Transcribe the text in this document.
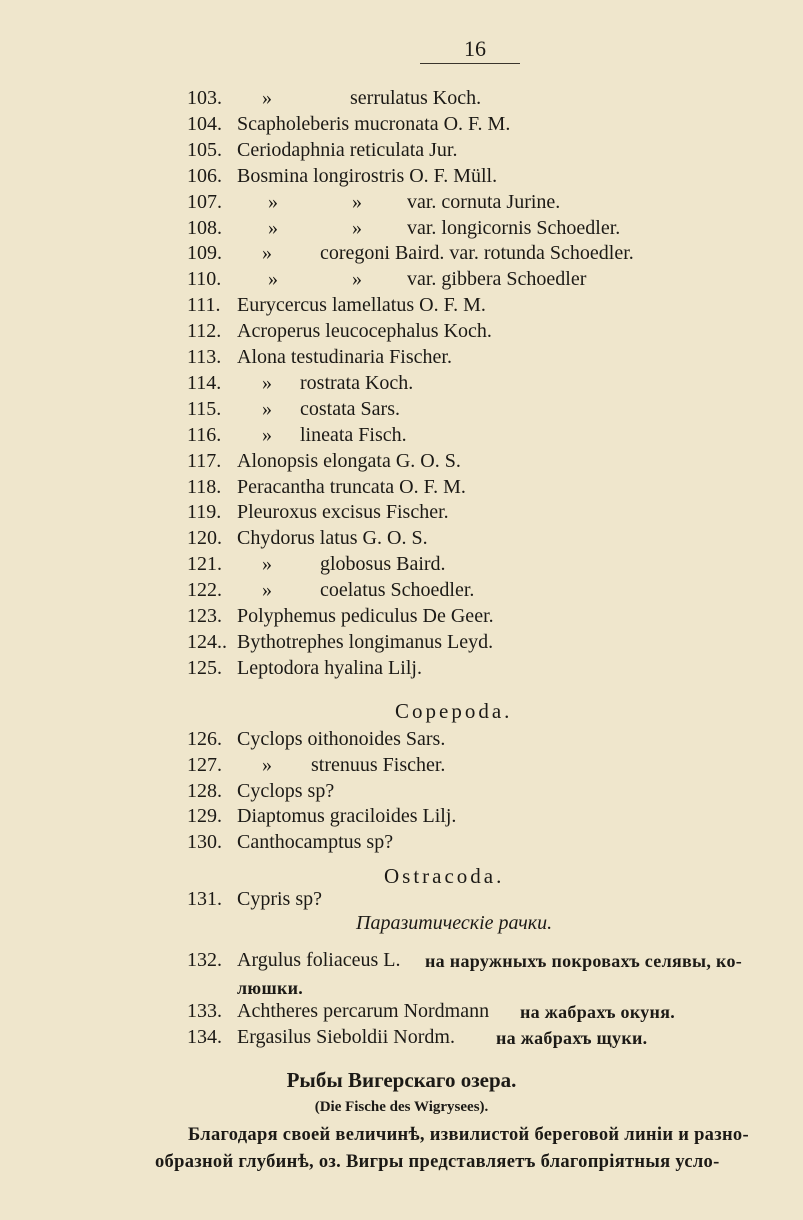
16
103. »	serrulatus Koch.
104. Scapholeberis mucronata O. F. M.
105. Ceriodaphnia reticulata Jur.
106. Bosmina longirostris O. F. Müll.
107. »	» var. cornuta Jurine.
108. »	» var. longicornis Schoedler.
109. » coregoni Baird. var. rotunda Schoedler.
110. »	» var. gibbera Schoedler
111. Eurycercus lamellatus O. F. M.
112. Acroperus leucocephalus Koch.
113. Alona testudinaria Fischer.
114. » rostrata Koch.
115. » costata Sars.
116. » lineata Fisch.
117. Alonopsis elongata G. O. S.
118. Peracantha truncata O. F. M.
119. Pleuroxus excisus Fischer.
120. Chydorus latus G. O. S.
121. » globosus Baird.
122. » coelatus Schoedler.
123. Polyphemus pediculus De Geer.
124.. Bythotrephes longimanus Leyd.
125. Leptodora hyalina Lilj.
Copepoda.
126. Cyclops oithonoides Sars.
127. » strenuus Fischer.
128. Cyclops sp?
129. Diaptomus graciloides Lilj.
130. Canthocamptus sp?
Ostracoda.
131. Cypris sp?
Паразитическiе рачки.
132. Argulus foliaceus L. на наружныхъ покровахъ селявы, ко-
люшки.
133. Achtheres percarum Nordmann на жабрахъ окуня.
134. Ergasilus Sieboldii Nordm. на жабрахъ щуки.
Рыбы Вигерскаго озера.
(Die Fische des Wigrysees).
Благодаря своей величинѣ, извилистой береговой линiи и разно-
образной глубинѣ, оз. Вигры представляетъ благопрiятныя усло-
